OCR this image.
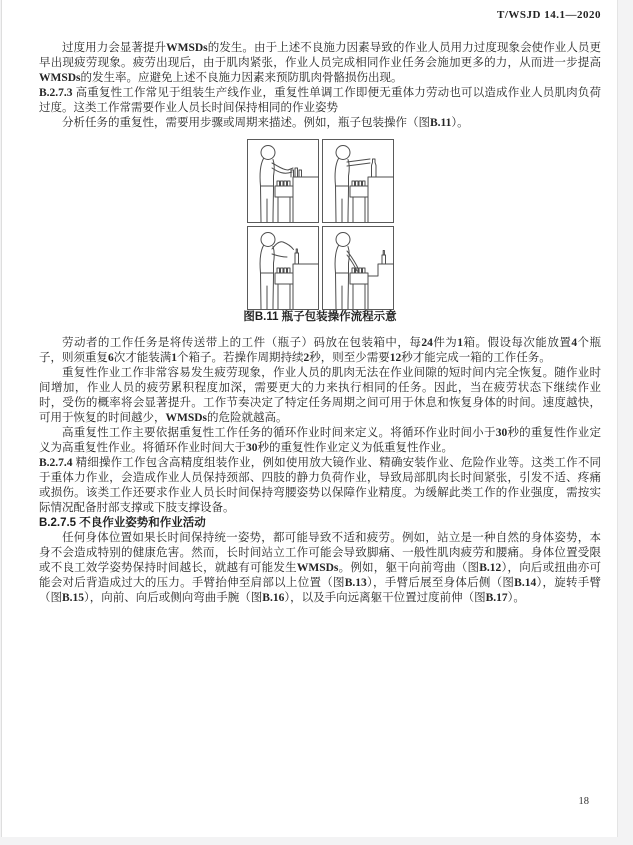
T/WSJD 14.1—2020

过度用力会显著提升WMSDs的发生。由于上述不良施力因素导致的作业人员用力过度现象会使作业人员更早出现疲劳现象。疲劳出现后，由于肌肉紧张，作业人员完成相同作业任务会施加更多的力，从而进一步提高WMSDs的发生率。应避免上述不良施力因素来预防肌肉骨骼损伤出现。

B.2.7.3 高重复性工作常见于组装生产线作业，重复性单调工作即便无重体力劳动也可以造成作业人员肌肉负荷过度。这类工作常需要作业人员长时间保持相同的作业姿势

分析任务的重复性，需要用步骤或周期来描述。例如，瓶子包装操作（图B.11）。

图B.11 瓶子包装操作流程示意

劳动者的工作任务是将传送带上的工件（瓶子）码放在包装箱中，每24件为1箱。假设每次能放置4个瓶子，则须重复6次才能装满1个箱子。若操作周期持续2秒，则至少需要12秒才能完成一箱的工作任务。

重复性作业工作非常容易发生疲劳现象，作业人员的肌肉无法在作业间隙的短时间内完全恢复。随作业时间增加，作业人员的疲劳累积程度加深，需要更大的力来执行相同的任务。因此，当在疲劳状态下继续作业时，受伤的概率将会显著提升。工作节奏决定了特定任务周期之间可用于休息和恢复身体的时间。速度越快，可用于恢复的时间越少，WMSDs的危险就越高。

高重复性工作主要依据重复性工作任务的循环作业时间来定义。将循环作业时间小于30秒的重复性作业定义为高重复性作业。将循环作业时间大于30秒的重复性作业定义为低重复性作业。

B.2.7.4 精细操作工作包含高精度组装作业，例如使用放大镜作业、精确安装作业、危险作业等。这类工作不同于重体力作业，会造成作业人员保持颈部、四肢的静力负荷作业，导致局部肌肉长时间紧张，引发不适、疼痛或损伤。该类工作还要求作业人员长时间保持弯腰姿势以保障作业精度。为缓解此类工作的作业强度，需按实际情况配备肘部支撑或下肢支撑设备。

B.2.7.5 不良作业姿势和作业活动

任何身体位置如果长时间保持统一姿势，都可能导致不适和疲劳。例如，站立是一种自然的身体姿势，本身不会造成特别的健康危害。然而，长时间站立工作可能会导致脚痛、一般性肌肉疲劳和腰痛。身体位置受限或不良工效学姿势保持时间越长，就越有可能发生WMSDs。例如，躯干向前弯曲（图B.12），向后或扭曲亦可能会对后背造成过大的压力。手臂抬伸至肩部以上位置（图B.13），手臂后展至身体后侧（图B.14），旋转手臂（图B.15），向前、向后或侧向弯曲手腕（图B.16），以及手向远离躯干位置过度前伸（图B.17）。

18
